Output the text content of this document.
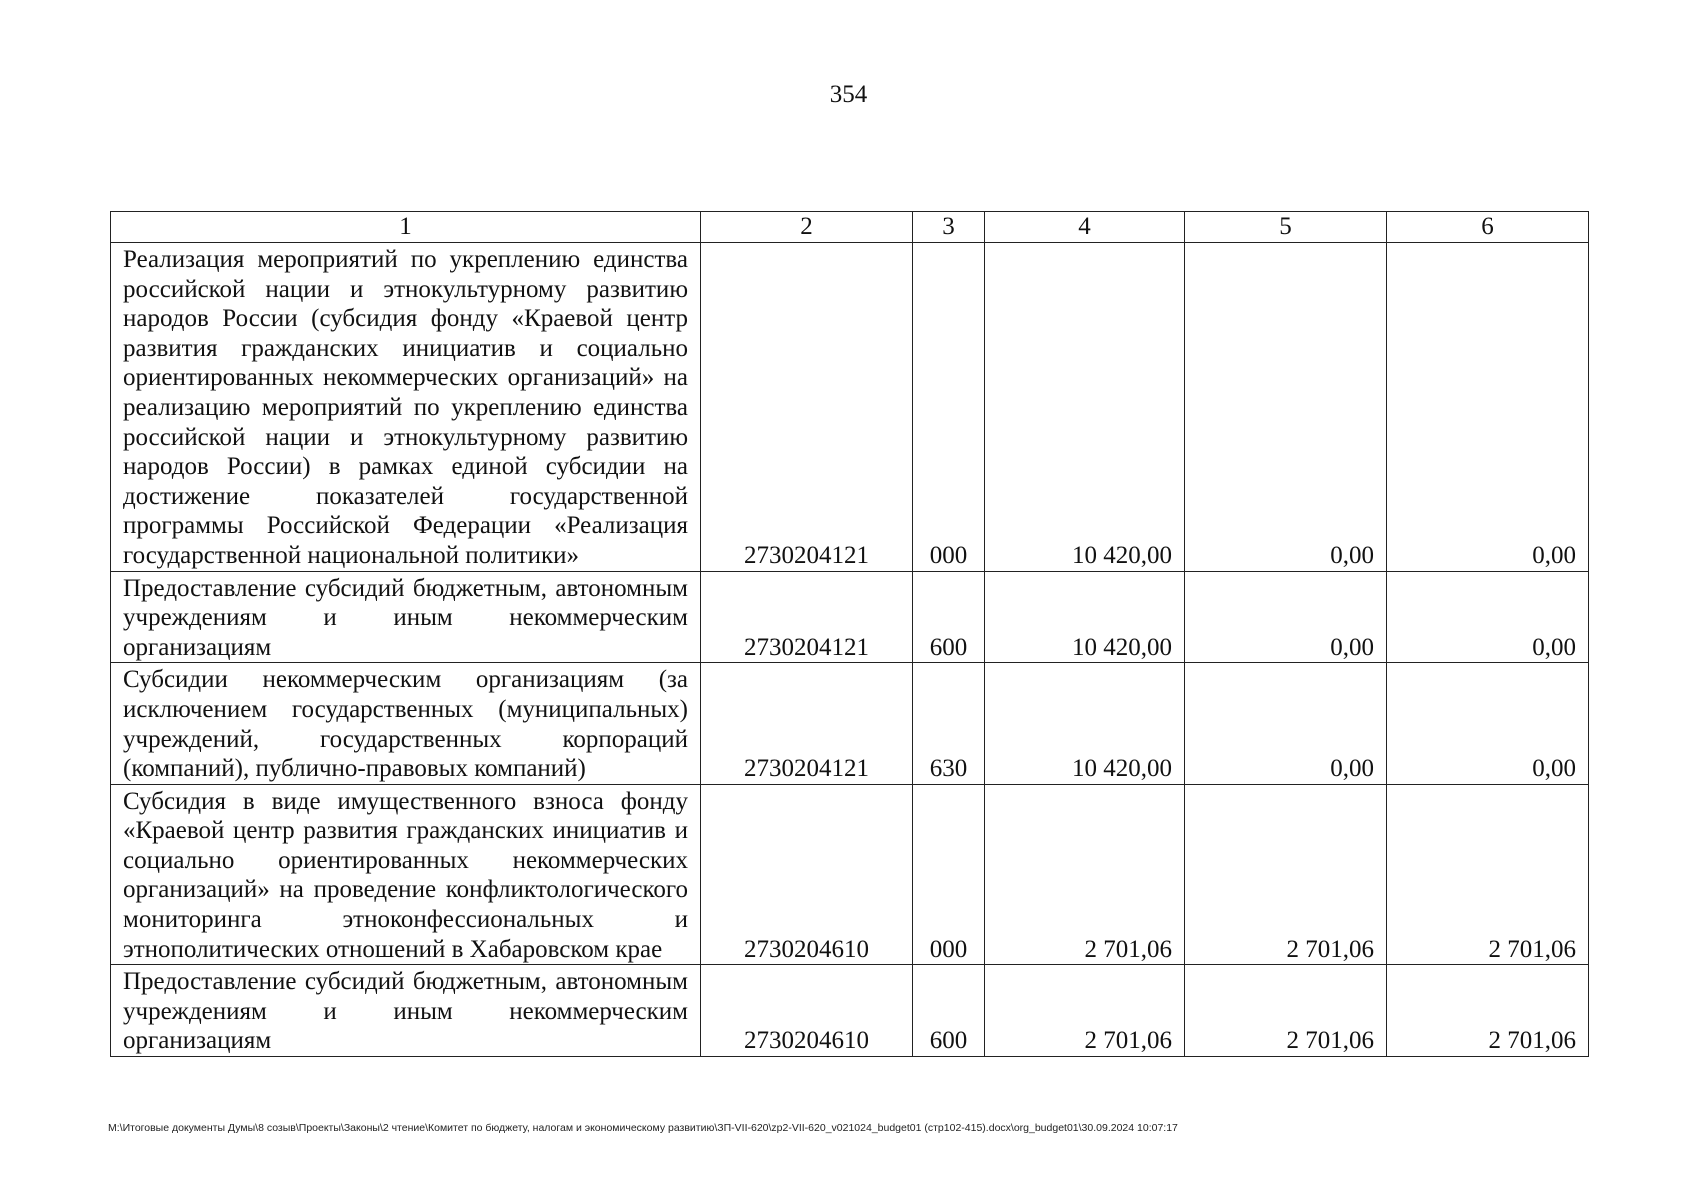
354
1	2	3	4	5	6
Реализация мероприятий по укреплению единства российской нации и этнокультурному развитию народов России (субсидия фонду «Краевой центр развития гражданских инициатив и социально ориентированных некоммерческих организаций» на реализацию мероприятий по укреплению единства российской нации и этнокультурному развитию народов России) в рамках единой субсидии на достижение показателей государственной программы Российской Федерации «Реализация государственной национальной политики»	2730204121	000	10 420,00	0,00	0,00
Предоставление субсидий бюджетным, автономным учреждениям и иным некоммерческим организациям	2730204121	600	10 420,00	0,00	0,00
Субсидии некоммерческим организациям (за исключением государственных (муниципальных) учреждений, государственных корпораций (компаний), публично-правовых компаний)	2730204121	630	10 420,00	0,00	0,00
Субсидия в виде имущественного взноса фонду «Краевой центр развития гражданских инициатив и социально ориентированных некоммерческих организаций» на проведение конфликтологического мониторинга этноконфессиональных и этнополитических отношений в Хабаровском крае	2730204610	000	2 701,06	2 701,06	2 701,06
Предоставление субсидий бюджетным, автономным учреждениям и иным некоммерческим организациям	2730204610	600	2 701,06	2 701,06	2 701,06
M:\Итоговые документы Думы\8 созыв\Проекты\Законы\2 чтение\Комитет по бюджету, налогам и экономическому развитию\ЗП-VII-620\zp2-VII-620_v021024_budget01 (стр102-415).docx\org_budget01\30.09.2024 10:07:17
